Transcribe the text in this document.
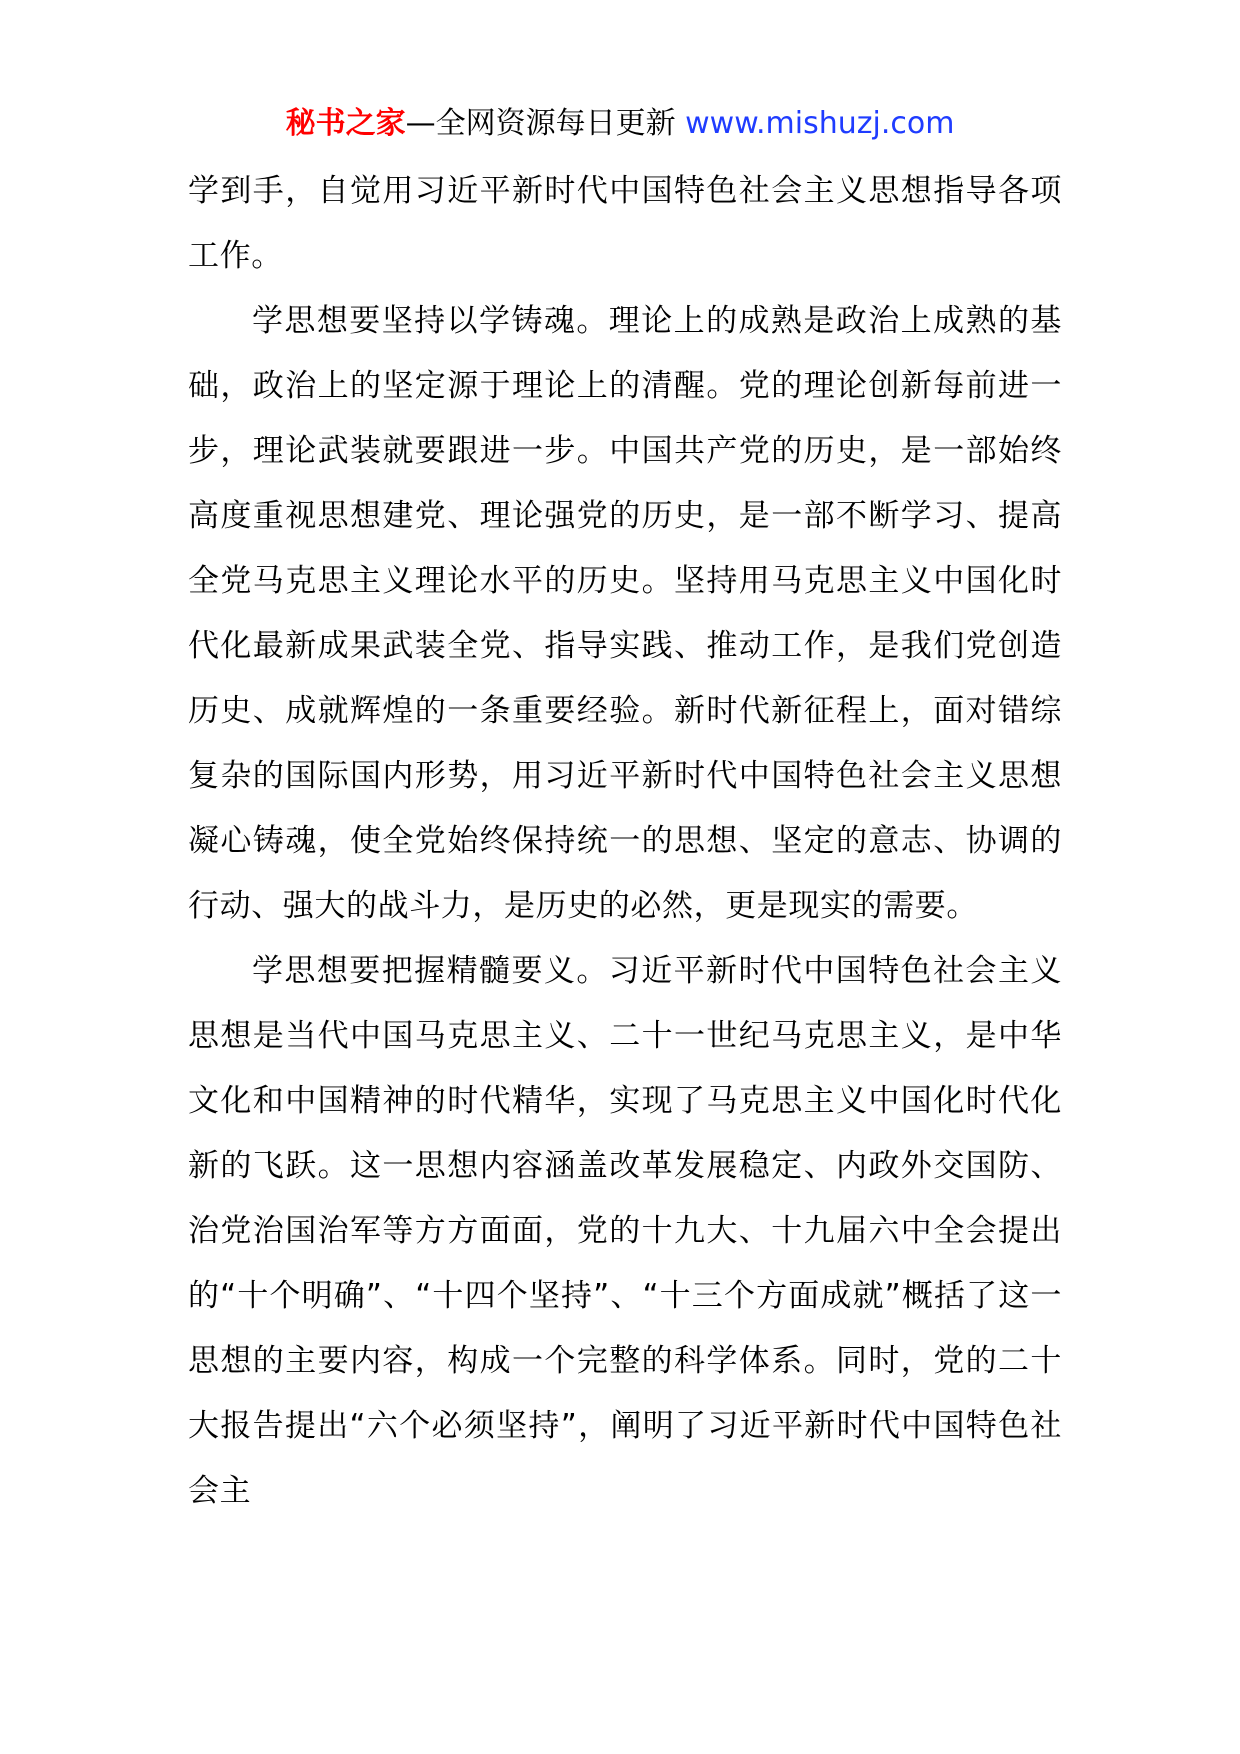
秘书之家—全网资源每日更新 www.mishuzj.com

学到手，自觉用习近平新时代中国特色社会主义思想指导各项工作。

学思想要坚持以学铸魂。理论上的成熟是政治上成熟的基础，政治上的坚定源于理论上的清醒。党的理论创新每前进一步，理论武装就要跟进一步。中国共产党的历史，是一部始终高度重视思想建党、理论强党的历史，是一部不断学习、提高全党马克思主义理论水平的历史。坚持用马克思主义中国化时代化最新成果武装全党、指导实践、推动工作，是我们党创造历史、成就辉煌的一条重要经验。新时代新征程上，面对错综复杂的国际国内形势，用习近平新时代中国特色社会主义思想凝心铸魂，使全党始终保持统一的思想、坚定的意志、协调的行动、强大的战斗力，是历史的必然，更是现实的需要。

学思想要把握精髓要义。习近平新时代中国特色社会主义思想是当代中国马克思主义、二十一世纪马克思主义，是中华文化和中国精神的时代精华，实现了马克思主义中国化时代化新的飞跃。这一思想内容涵盖改革发展稳定、内政外交国防、治党治国治军等方方面面，党的十九大、十九届六中全会提出的“十个明确”、“十四个坚持”、“十三个方面成就”概括了这一思想的主要内容，构成一个完整的科学体系。同时，党的二十大报告提出“六个必须坚持”，阐明了习近平新时代中国特色社会主
